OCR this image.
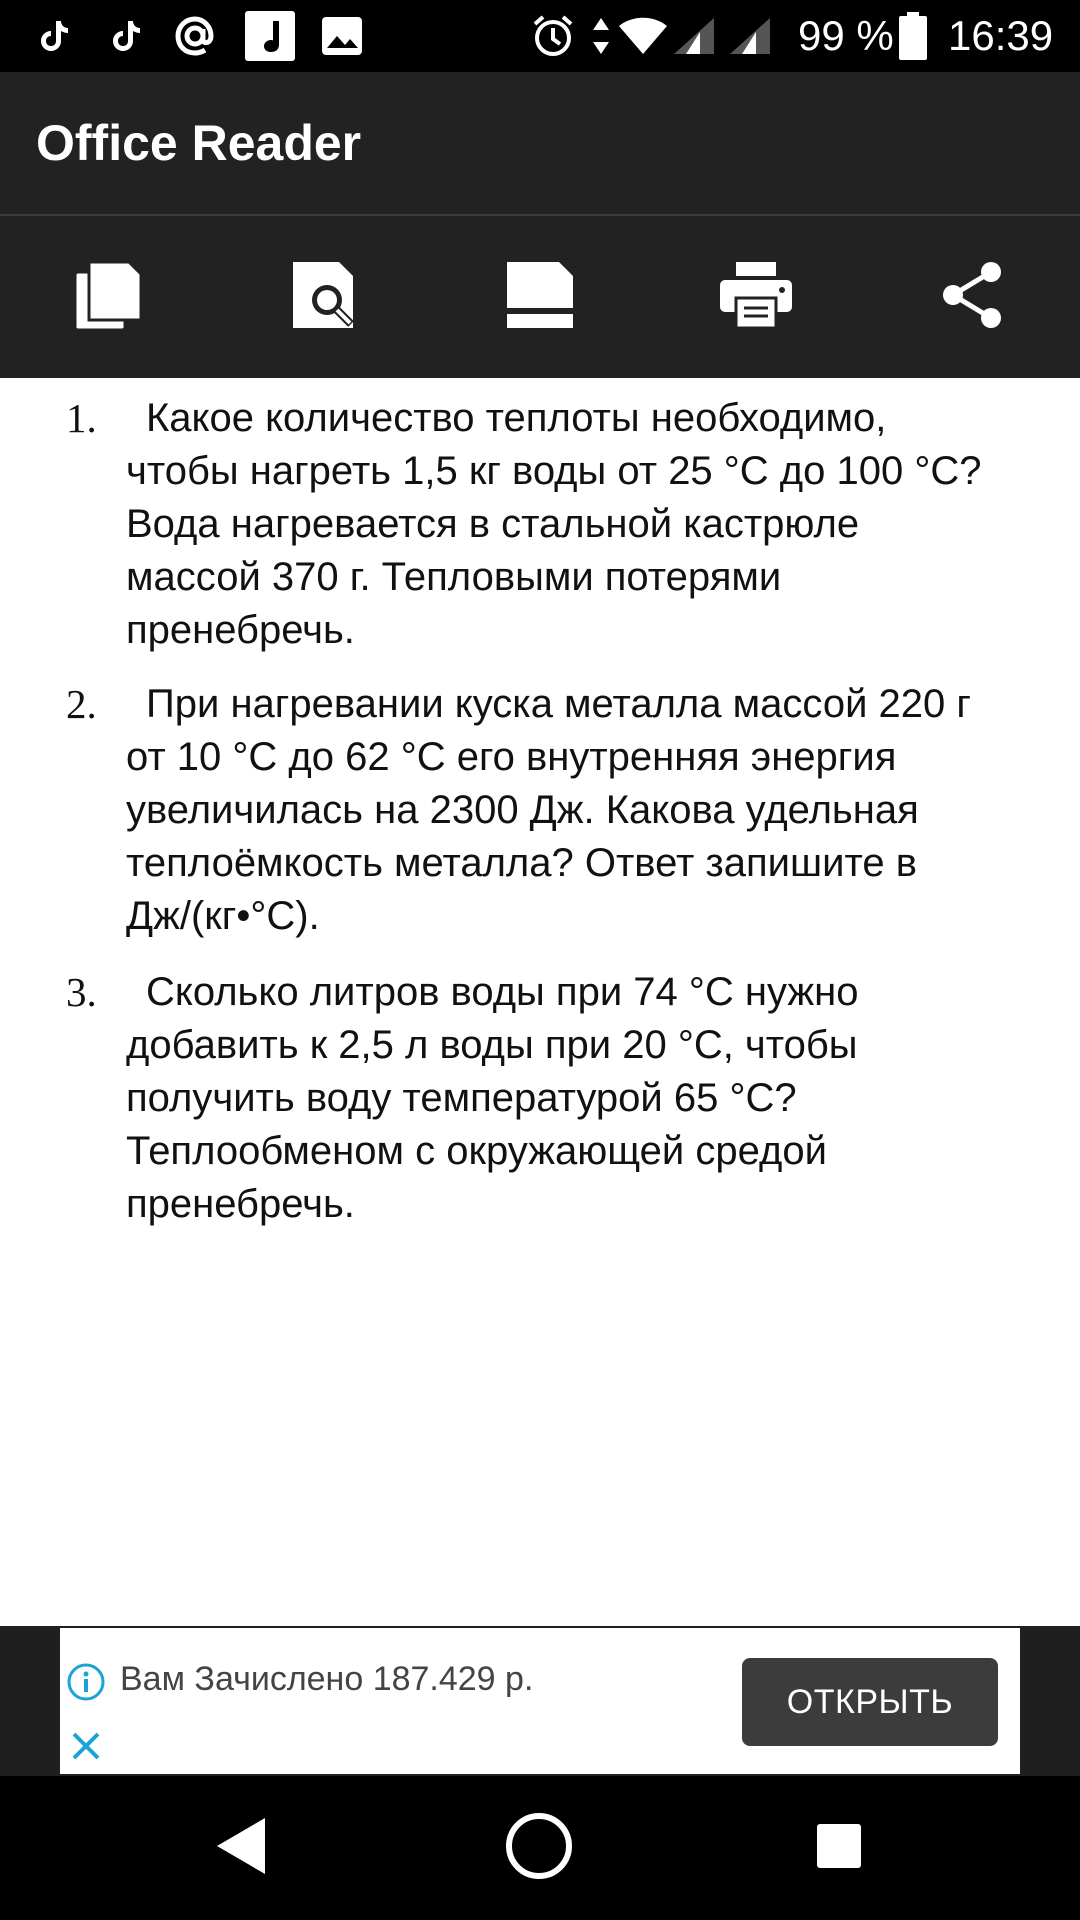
99 % 16:39
Office Reader
1.	Какое количество теплоты необходимо,
чтобы нагреть 1,5 кг воды от 25 °С до 100 °С?
Вода нагревается в стальной кастрюле
массой 370 г. Тепловыми потерями
пренебречь.
2.	При нагревании куска металла массой 220 г
от 10 °С до 62 °С его внутренняя энергия
увеличилась на 2300 Дж. Какова удельная
теплоёмкость металла? Ответ запишите в
Дж/(кг•°С).
3.	Сколько литров воды при 74 °С нужно
добавить к 2,5 л воды при 20 °С, чтобы
получить воду температурой 65 °С?
Теплообменом с окружающей средой
пренебречь.
Вам Зачислено 187.429 р.
ОТКРЫТЬ
